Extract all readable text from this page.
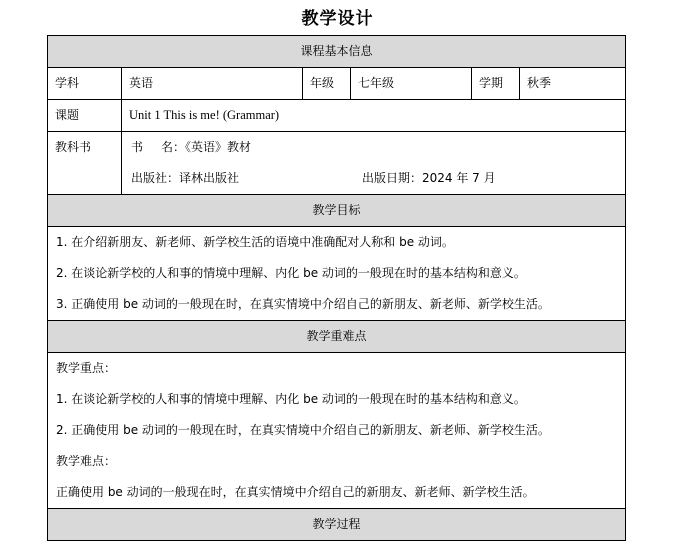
教学设计
课程基本信息					
学科	英语	年级	七年级	学期	秋季
课题	Unit 1 This is me! (Grammar)				
教科书	书 名：《英语》教材
出版社：译林出版社 出版日期：2024 年 7 月				

教学目标					

1. 在介绍新朋友、新老师、新学校生活的语境中准确配对人称和 be 动词。
2. 在谈论新学校的人和事的情境中理解、内化 be 动词的一般现在时的基本结构和意义。
3. 正确使用 be 动词的一般现在时，在真实情境中介绍自己的新朋友、新老师、新学校生活。					

教学重难点					

教学重点：
1. 在谈论新学校的人和事的情境中理解、内化 be 动词的一般现在时的基本结构和意义。
2. 正确使用 be 动词的一般现在时，在真实情境中介绍自己的新朋友、新老师、新学校生活。
教学难点：
正确使用 be 动词的一般现在时，在真实情境中介绍自己的新朋友、新老师、新学校生活。					

教学过程					
